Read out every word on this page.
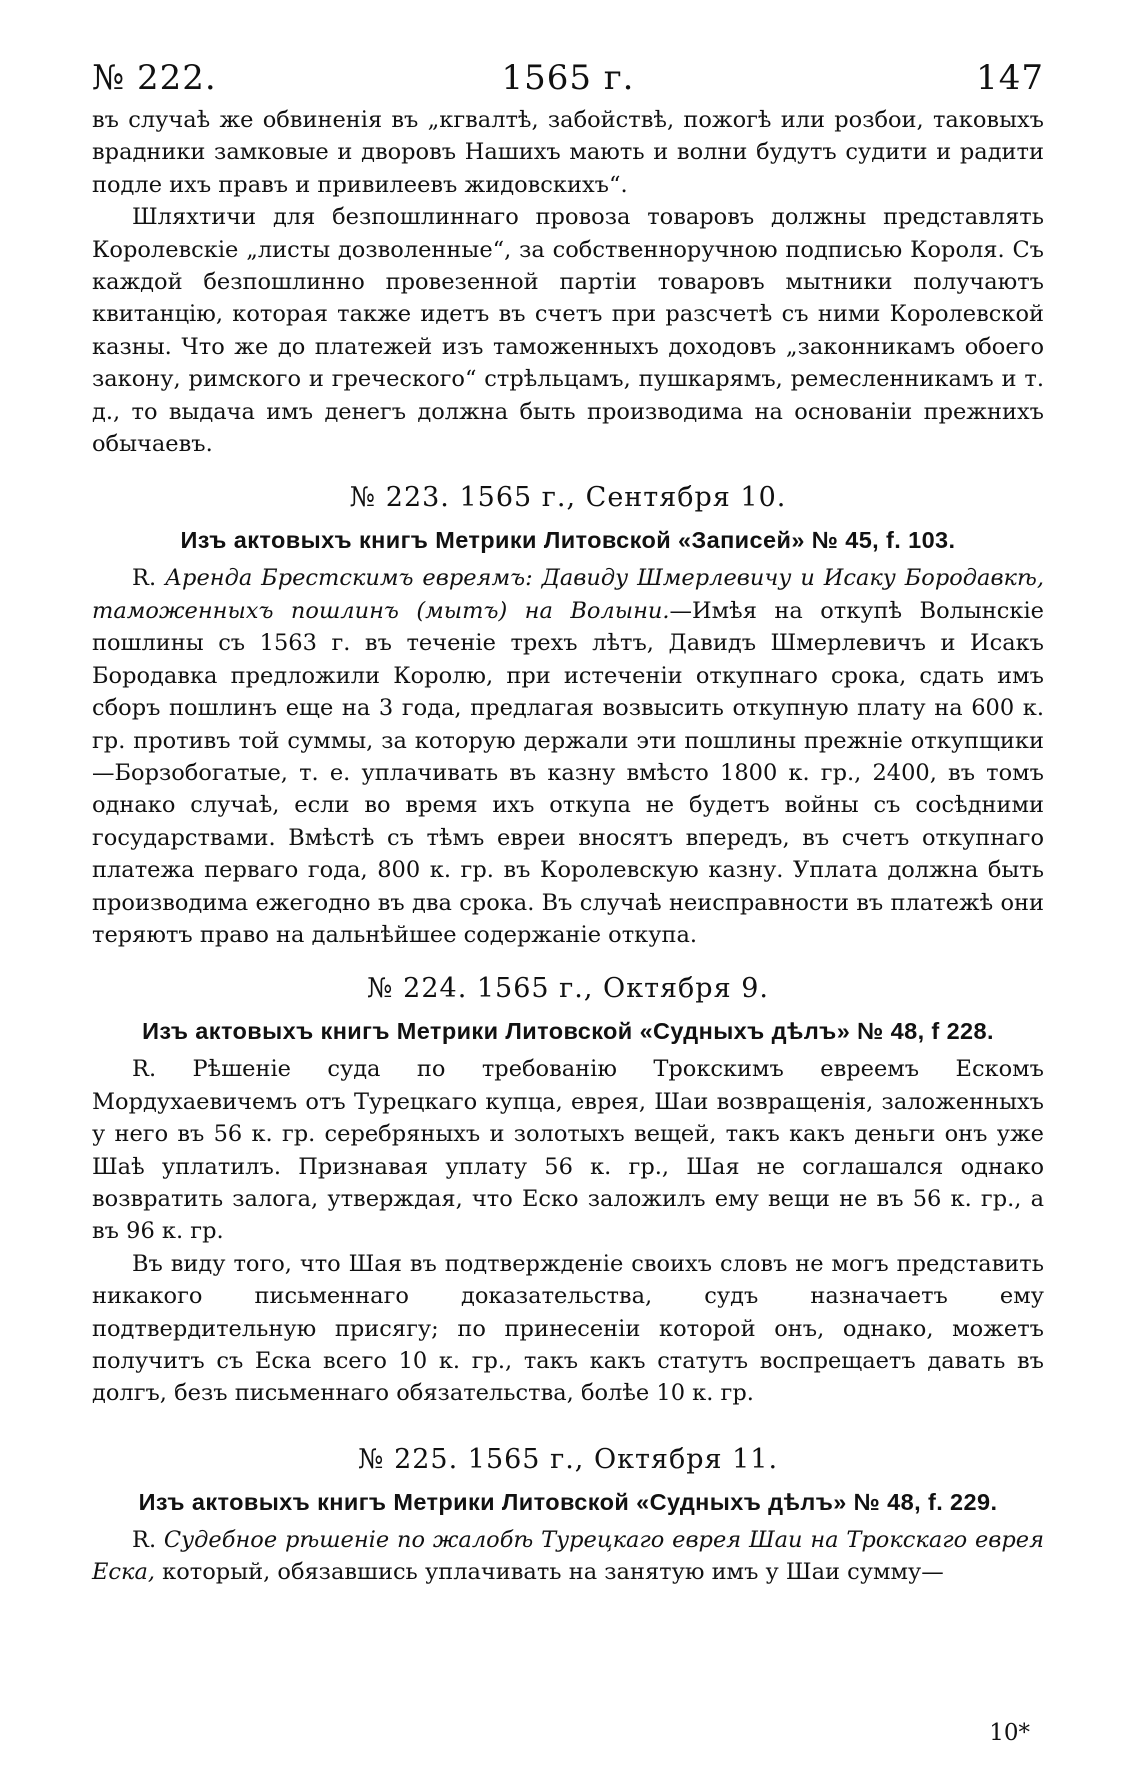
№ 222.	1565 г.	147

въ случаѣ же обвиненія въ „кгвалтѣ, забойствѣ, пожогѣ или розбои, таковыхъ врадники замковые и дворовъ Нашихъ мають и волни будутъ судити и радити подле ихъ правъ и привилеевъ жидовскихъ“.

Шляхтичи для безпошлиннаго провоза товаровъ должны представлять Королевскіе „листы дозволенные“, за собственноручною подписью Короля. Съ каждой безпошлинно провезенной партіи товаровъ мытники получаютъ квитанцію, которая также идетъ въ счетъ при разсчетѣ съ ними Королевской казны. Что же до платежей изъ таможенныхъ доходовъ „законникамъ обоего закону, римского и греческого“ стрѣльцамъ, пушкарямъ, ремесленникамъ и т. д., то выдача имъ денегъ должна быть производима на основаніи прежнихъ обычаевъ.

№ 223. 1565 г., Сентября 10.

Изъ актовыхъ книгъ Метрики Литовской «Записей» № 45, f. 103.

R. Аренда Брестскимъ евреямъ: Давиду Шмерлевичу и Исаку Бородавкѣ, таможенныхъ пошлинъ (мытъ) на Волыни.—Имѣя на откупѣ Волынскіе пошлины съ 1563 г. въ теченіе трехъ лѣтъ, Давидъ Шмерлевичъ и Исакъ Бородавка предложили Королю, при истеченіи откупнаго срока, сдать имъ сборъ пошлинъ еще на 3 года, предлагая возвысить откупную плату на 600 к. гр. противъ той суммы, за которую держали эти пошлины прежніе откупщики—Борзобогатые, т. е. уплачивать въ казну вмѣсто 1800 к. гр., 2400, въ томъ однако случаѣ, если во время ихъ откупа не будетъ войны съ сосѣдними государствами. Вмѣстѣ съ тѣмъ евреи вносятъ впередъ, въ счетъ откупнаго платежа перваго года, 800 к. гр. въ Королевскую казну. Уплата должна быть производима ежегодно въ два срока. Въ случаѣ неисправности въ платежѣ они теряютъ право на дальнѣйшее содержаніе откупа.

№ 224. 1565 г., Октября 9.

Изъ актовыхъ книгъ Метрики Литовской «Судныхъ дѣлъ» № 48, f 228.

R. Рѣшеніе суда по требованію Трокскимъ евреемъ Ескомъ Мордухаевичемъ отъ Турецкаго купца, еврея, Шаи возвращенія, заложенныхъ у него въ 56 к. гр. серебряныхъ и золотыхъ вещей, такъ какъ деньги онъ уже Шаѣ уплатилъ. Признавая уплату 56 к. гр., Шая не соглашался однако возвратить залога, утверждая, что Еско заложилъ ему вещи не въ 56 к. гр., а въ 96 к. гр.

Въ виду того, что Шая въ подтвержденіе своихъ словъ не могъ представить никакого письменнаго доказательства, судъ назначаетъ ему подтвердительную присягу; по принесеніи которой онъ, однако, можетъ получитъ съ Еска всего 10 к. гр., такъ какъ статутъ воспрещаетъ давать въ долгъ, безъ письменнаго обязательства, болѣе 10 к. гр.

№ 225. 1565 г., Октября 11.

Изъ актовыхъ книгъ Метрики Литовской «Судныхъ дѣлъ» № 48, f. 229.

R. Судебное рѣшеніе по жалобѣ Турецкаго еврея Шаи на Трокскаго еврея Еска, который, обязавшись уплачивать на занятую имъ у Шаи сумму—

10*
